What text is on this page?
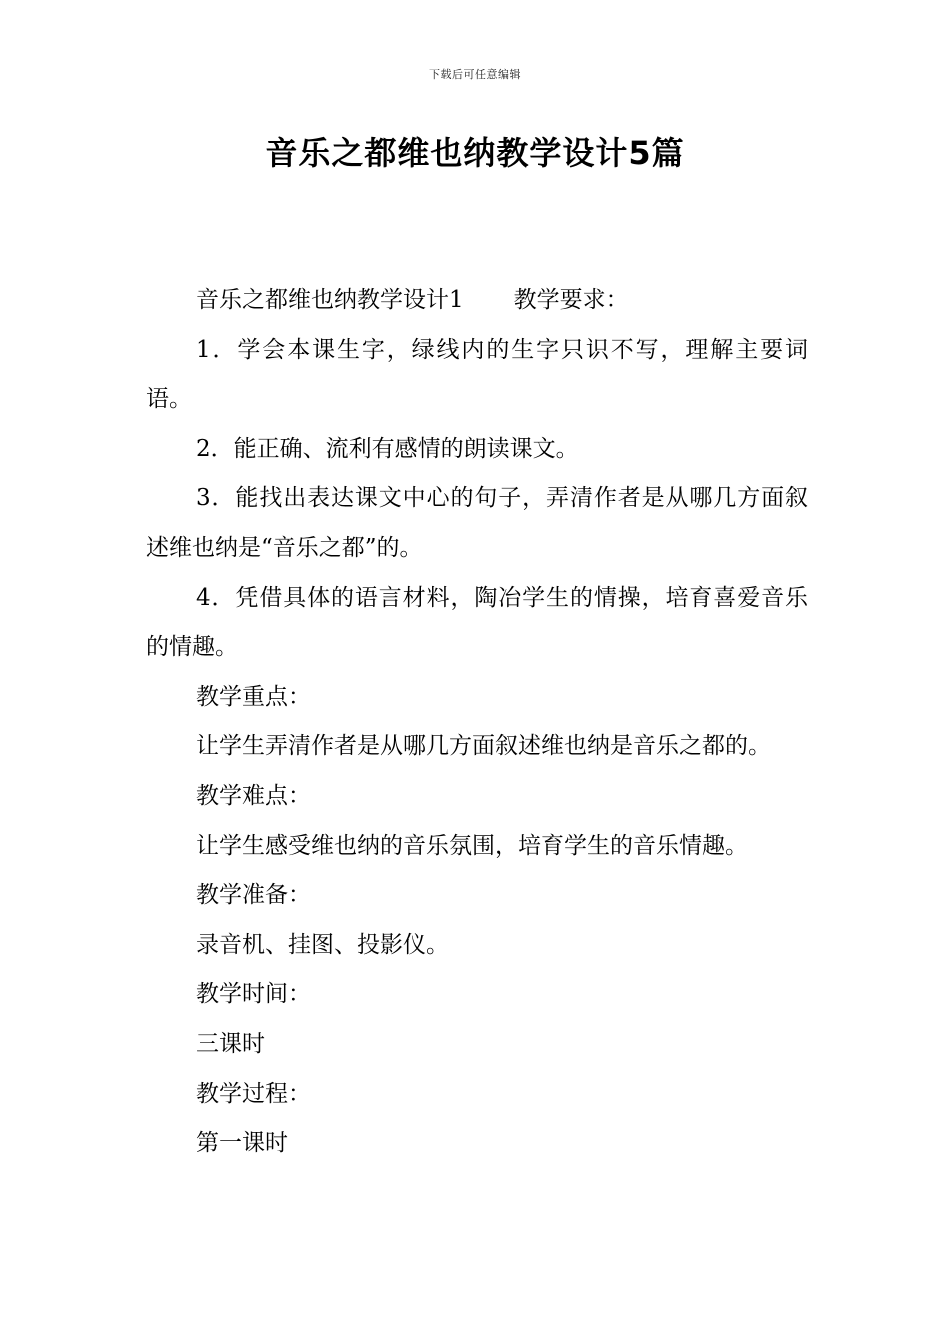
下载后可任意编辑
音乐之都维也纳教学设计5篇

音乐之都维也纳教学设计1 教学要求：

1．学会本课生字，绿线内的生字只识不写，理解主要词语。

2．能正确、流利有感情的朗读课文。

3．能找出表达课文中心的句子，弄清作者是从哪几方面叙述维也纳是“音乐之都”的。

4．凭借具体的语言材料，陶冶学生的情操，培育喜爱音乐的情趣。

教学重点：

让学生弄清作者是从哪几方面叙述维也纳是音乐之都的。

教学难点：

让学生感受维也纳的音乐氛围，培育学生的音乐情趣。

教学准备：

录音机、挂图、投影仪。

教学时间：

三课时

教学过程：

第一课时
